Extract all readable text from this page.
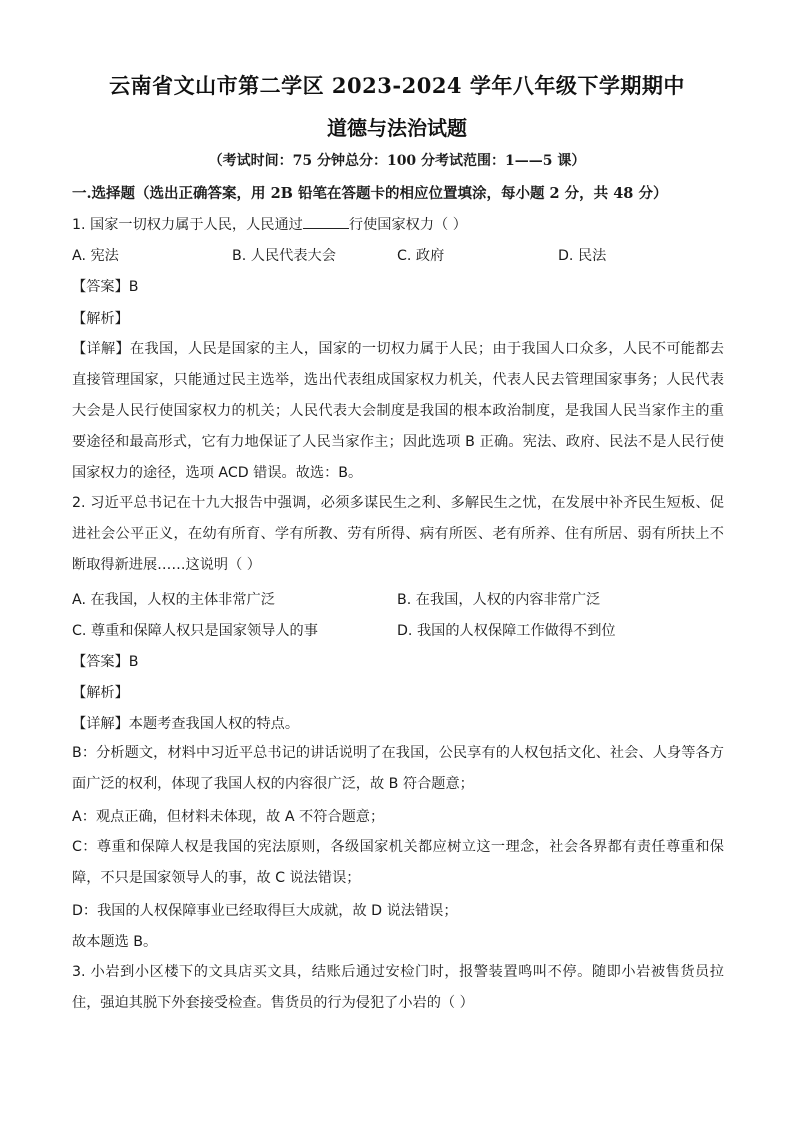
云南省文山市第二学区 2023-2024 学年八年级下学期期中
道德与法治试题
（考试时间：75 分钟总分：100 分考试范围：1——5 课）
一.选择题（选出正确答案，用 2B 铅笔在答题卡的相应位置填涂，每小题 2 分，共 48 分）
1. 国家一切权力属于人民，人民通过	行使国家权力（ ）
A. 宪法	B. 人民代表大会	C. 政府	D. 民法
【答案】B
【解析】
【详解】在我国，人民是国家的主人，国家的一切权力属于人民；由于我国人口众多，人民不可能都去直接管理国家，只能通过民主选举，选出代表组成国家权力机关，代表人民去管理国家事务；人民代表大会是人民行使国家权力的机关；人民代表大会制度是我国的根本政治制度，是我国人民当家作主的重要途径和最高形式，它有力地保证了人民当家作主；因此选项 B 正确。宪法、政府、民法不是人民行使国家权力的途径，选项 ACD 错误。故选：B。
2. 习近平总书记在十九大报告中强调，必须多谋民生之利、多解民生之忧，在发展中补齐民生短板、促进社会公平正义，在幼有所育、学有所教、劳有所得、病有所医、老有所养、住有所居、弱有所扶上不断取得新进展……这说明（ ）
A. 在我国，人权的主体非常广泛	B. 在我国，人权的内容非常广泛
C. 尊重和保障人权只是国家领导人的事	D. 我国的人权保障工作做得不到位
【答案】B
【解析】
【详解】本题考查我国人权的特点。
B：分析题文，材料中习近平总书记的讲话说明了在我国，公民享有的人权包括文化、社会、人身等各方面广泛的权利，体现了我国人权的内容很广泛，故 B 符合题意；
A：观点正确，但材料未体现，故 A 不符合题意；
C：尊重和保障人权是我国的宪法原则，各级国家机关都应树立这一理念，社会各界都有责任尊重和保障，不只是国家领导人的事，故 C 说法错误；
D：我国的人权保障事业已经取得巨大成就，故 D 说法错误；
故本题选 B。
3. 小岩到小区楼下的文具店买文具，结账后通过安检门时，报警装置鸣叫不停。随即小岩被售货员拉住，强迫其脱下外套接受检查。售货员的行为侵犯了小岩的（ ）
